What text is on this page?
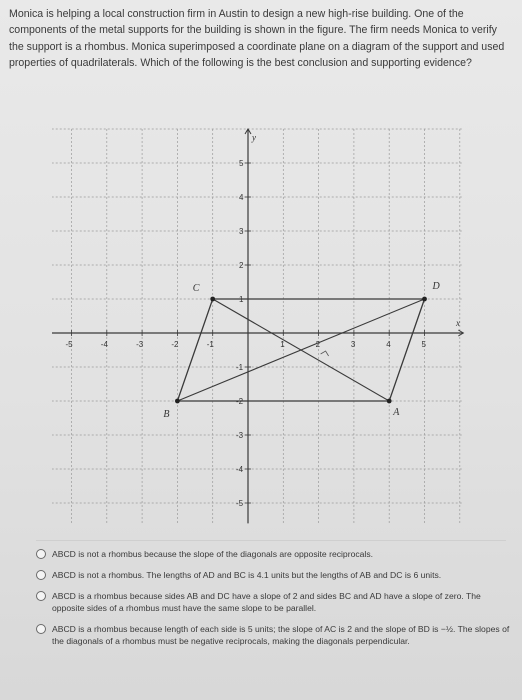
Monica is helping a local construction firm in Austin to design a new high-rise building. One of the components of the metal supports for the building is shown in the figure. The firm needs Monica to verify the support is a rhombus. Monica superimposed a coordinate plane on a diagram of the support and used properties of quadrilaterals. Which of the following is the best conclusion and supporting evidence?
x
y
-5	-4	-3	-2	-1	1	2	3	4	5
1
2
3
4
5
-1
-2
-3
-4
-5
A
B
C	D
ABCD is not a rhombus because the slope of the diagonals are opposite reciprocals.
ABCD is not a rhombus. The lengths of AD and BC is 4.1 units but the lengths of AB and DC is 6 units.
ABCD is a rhombus because sides AB and DC have a slope of 2 and sides BC and AD have a slope of zero. The opposite sides of a rhombus must have the same slope to be parallel.
ABCD is a rhombus because length of each side is 5 units; the slope of AC is 2 and the slope of BD is −½. The slopes of the diagonals of a rhombus must be negative reciprocals, making the diagonals perpendicular.
